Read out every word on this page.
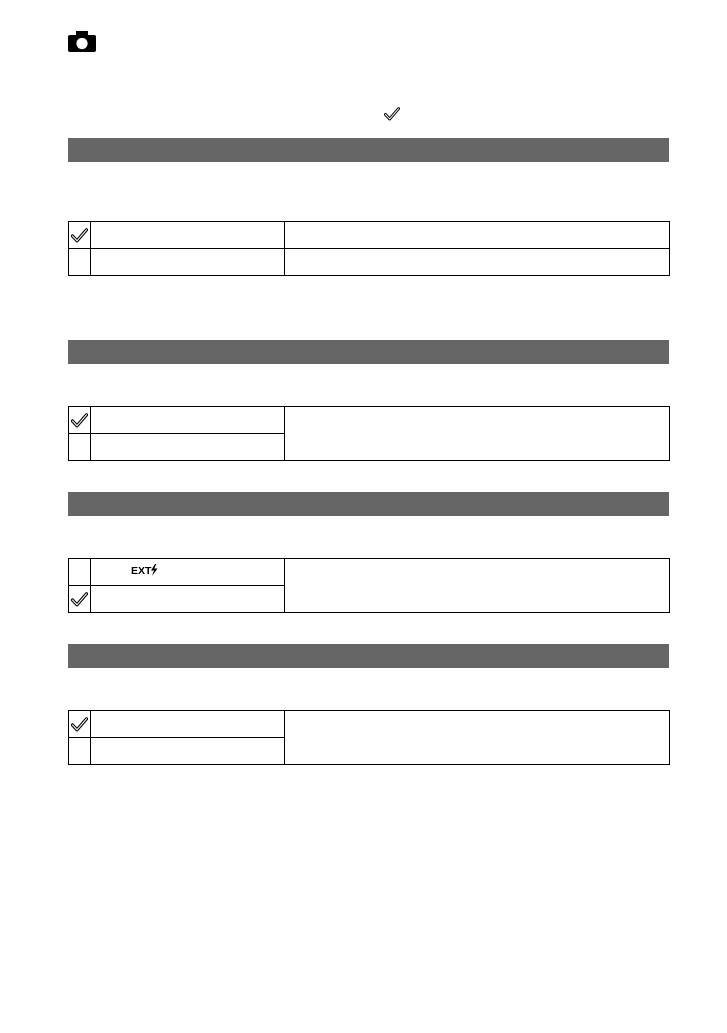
EXT	
